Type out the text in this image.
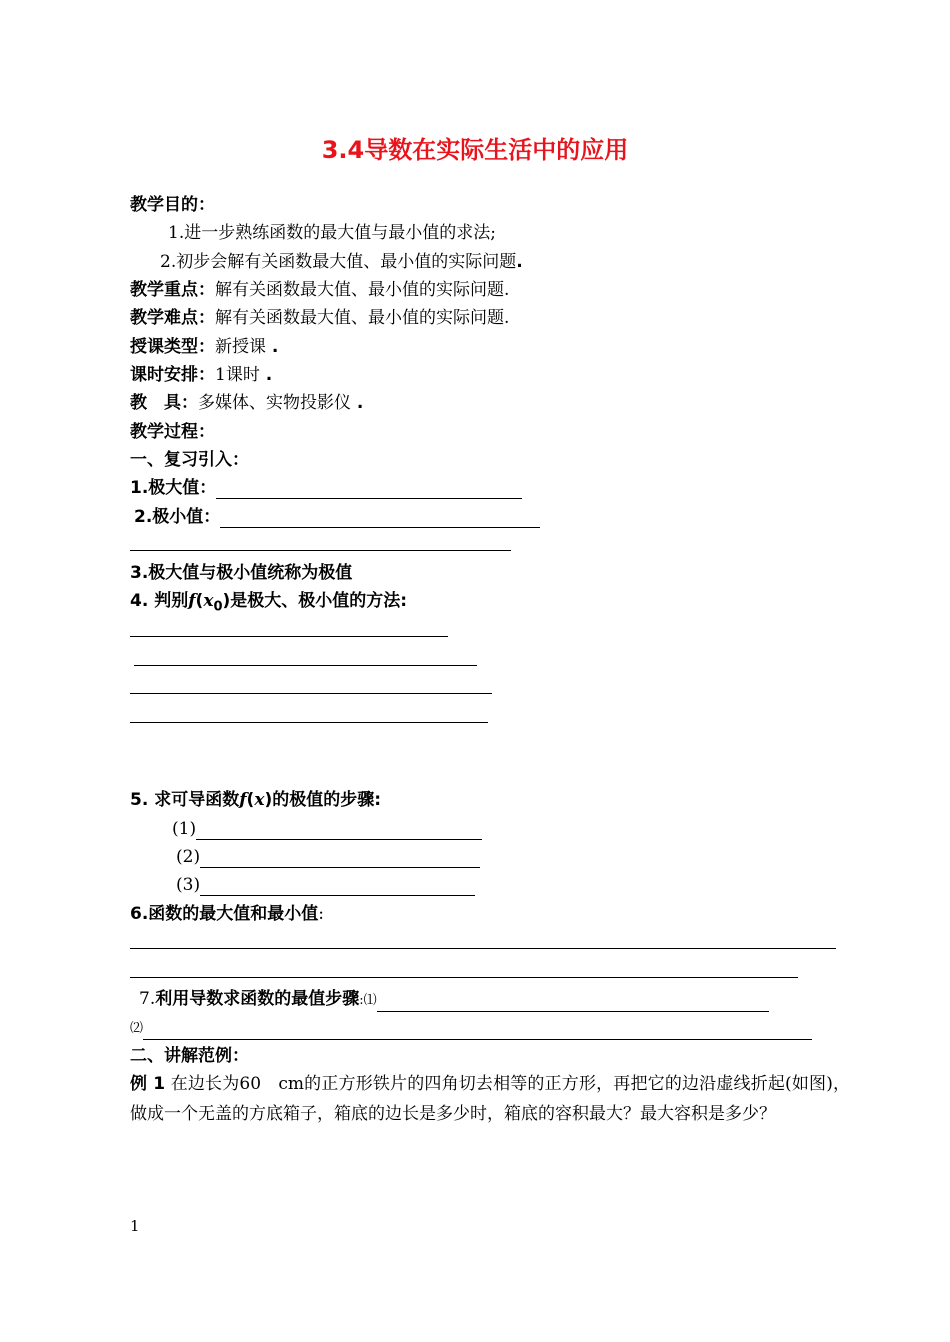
3.4导数在实际生活中的应用
教学目的：
1.进一步熟练函数的最大值与最小值的求法;
2.初步会解有关函数最大值、最小值的实际问题.
教学重点：解有关函数最大值、最小值的实际问题.
教学难点：解有关函数最大值、最小值的实际问题.
授课类型：新授课 .
课时安排：1课时 .
教　具：多媒体、实物投影仪 .
教学过程：
一、复习引入：
1.极大值：
2.极小值：
3.极大值与极小值统称为极值
4. 判别$f(x_0)$是极大、极小值的方法:
5. 求可导函数f(x)的极值的步骤:
(1)
(2)
(3)
6.函数的最大值和最小值:
7.利用导数求函数的最值步骤:⑴
⑵
二、讲解范例：
例 1 在边长为60　cm的正方形铁片的四角切去相等的正方形，再把它的边沿虚线折起(如图)，做成一个无盖的方底箱子，箱底的边长是多少时，箱底的容积最大？最大容积是多少？
1
